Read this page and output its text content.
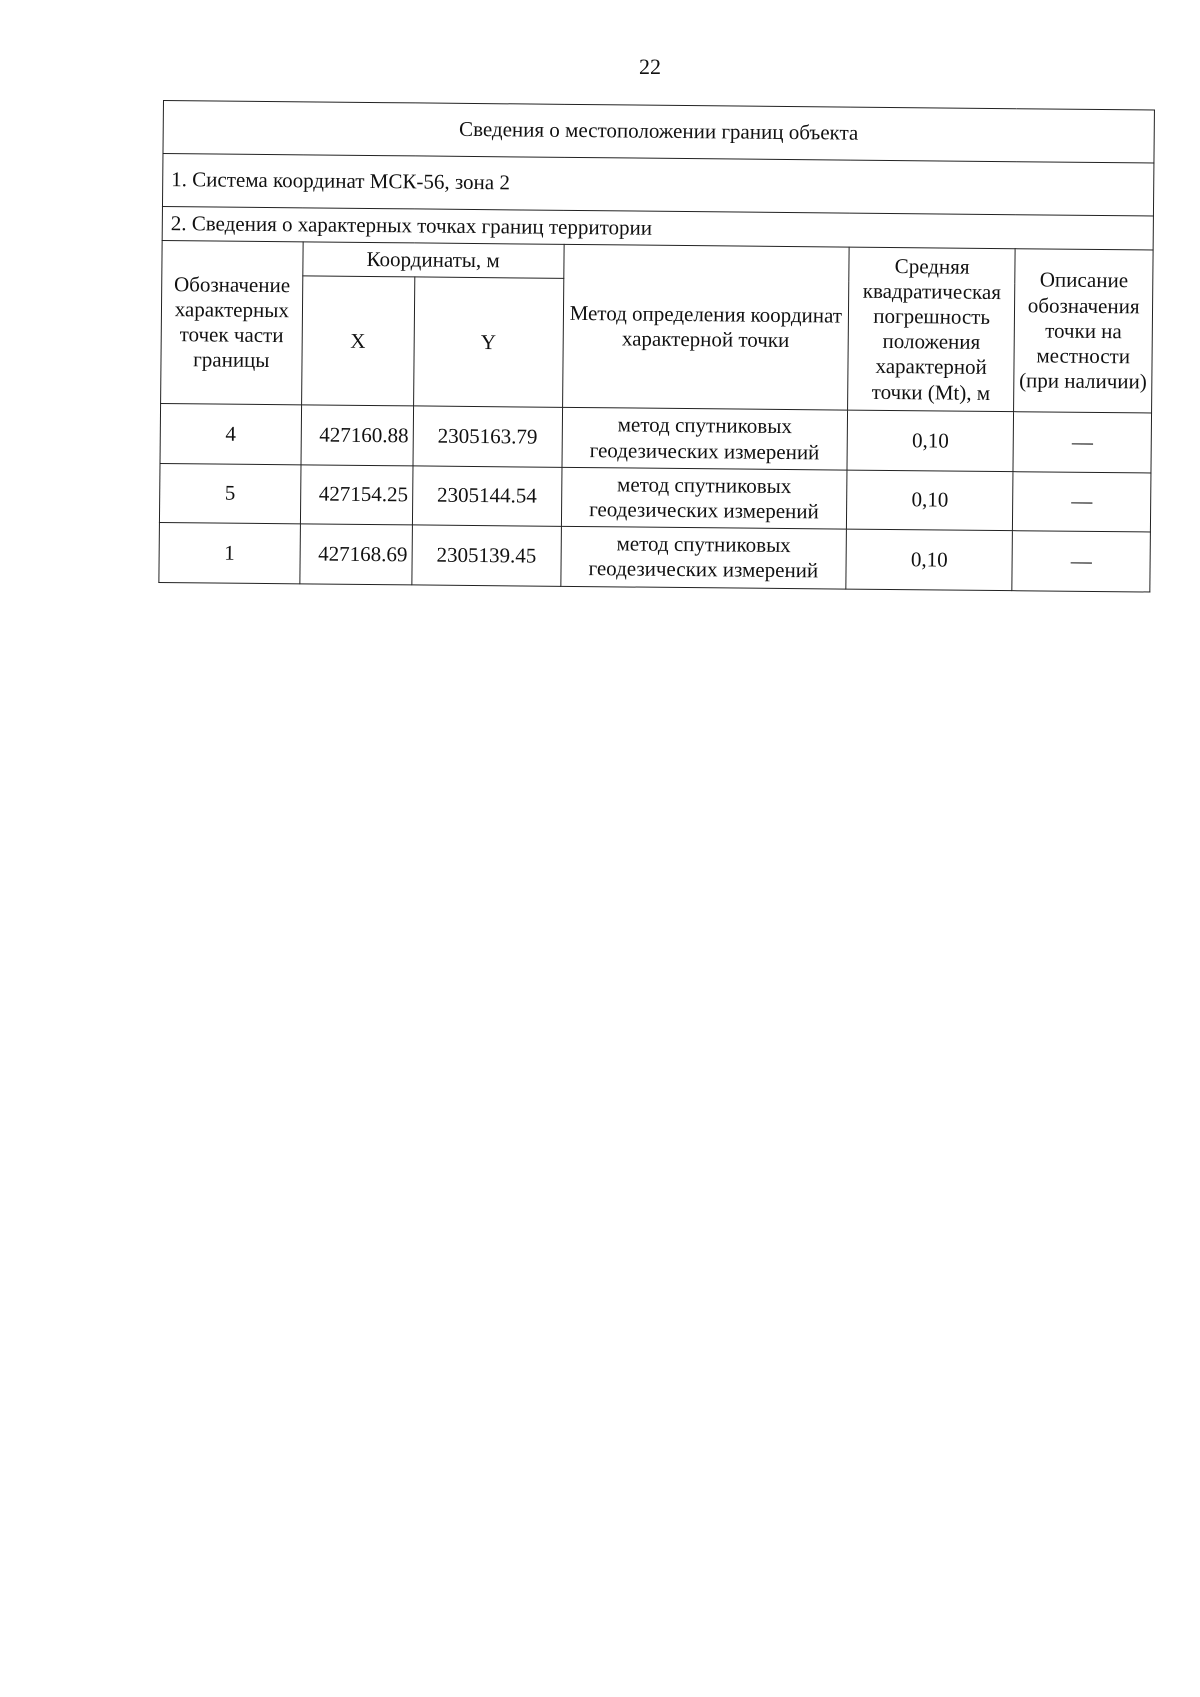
22
Сведения о местоположении границ объекта					
1. Система координат МСК-56, зона 2					
2. Сведения о характерных точках границ территории					
Обозначение характерных точек части границы	Координаты, м		Метод определения координат характерной точки	Средняя квадратическая погрешность положения характерной точки (Mt), м	Описание обозначения точки на местности (при наличии)
	X	Y			
4	427160.88	2305163.79	метод спутниковых геодезических измерений	0,10	—
5	427154.25	2305144.54	метод спутниковых геодезических измерений	0,10	—
1	427168.69	2305139.45	метод спутниковых геодезических измерений	0,10	—
